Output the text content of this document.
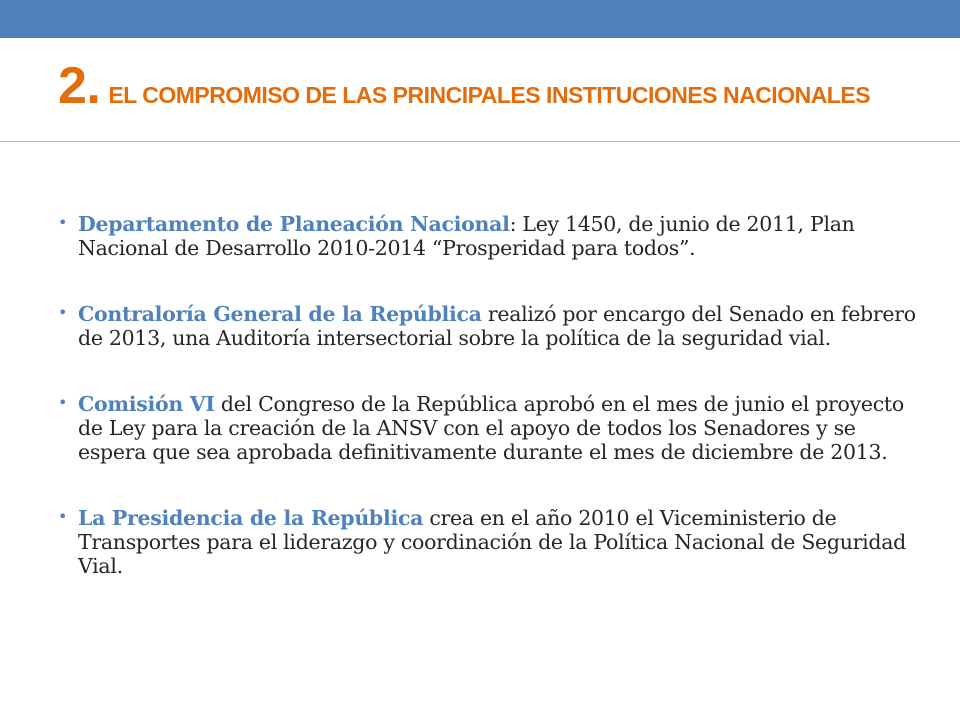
2. EL COMPROMISO DE LAS PRINCIPALES INSTITUCIONES NACIONALES
• Departamento de Planeación Nacional: Ley 1450, de junio de 2011, Plan Nacional de Desarrollo 2010-2014 “Prosperidad para todos”.
• Contraloría General de la República realizó por encargo del Senado en febrero de 2013, una Auditoría intersectorial sobre la política de la seguridad vial.
• Comisión VI del Congreso de la República aprobó en el mes de junio el proyecto de Ley para la creación de la ANSV con el apoyo de todos los Senadores y se espera que sea aprobada definitivamente durante el mes de diciembre de 2013.
• La Presidencia de la República crea en el año 2010 el Viceministerio de Transportes para el liderazgo y coordinación de la Política Nacional de Seguridad Vial.
